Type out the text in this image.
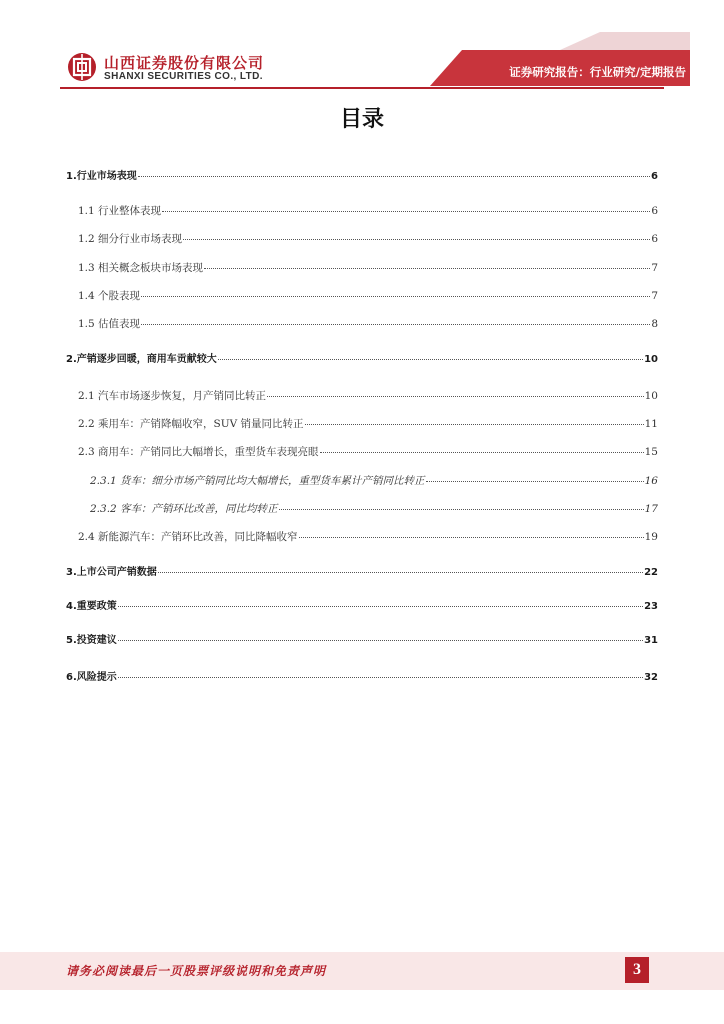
山西证券股份有限公司
SHANXI SECURITIES CO., LTD.	证券研究报告：行业研究/定期报告
目录
1.行业市场表现	6
1.1 行业整体表现	6
1.2 细分行业市场表现	6
1.3 相关概念板块市场表现	7
1.4 个股表现	7
1.5 估值表现	8
2.产销逐步回暖，商用车贡献较大	10
2.1 汽车市场逐步恢复，月产销同比转正	10
2.2 乘用车：产销降幅收窄，SUV 销量同比转正	11
2.3 商用车：产销同比大幅增长，重型货车表现亮眼	15
2.3.1 货车：细分市场产销同比均大幅增长，重型货车累计产销同比转正	16
2.3.2 客车：产销环比改善，同比均转正	17
2.4 新能源汽车：产销环比改善，同比降幅收窄	19
3.上市公司产销数据	22
4.重要政策	23
5.投资建议	31
6.风险提示	32
请务必阅读最后一页股票评级说明和免责声明	3
